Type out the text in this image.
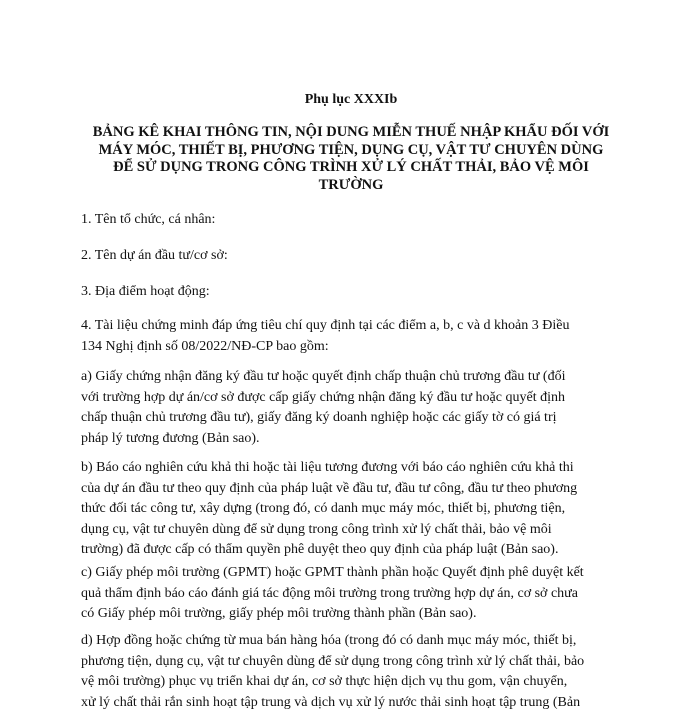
Phụ lục XXXIb
BẢNG KÊ KHAI THÔNG TIN, NỘI DUNG MIỄN THUẾ NHẬP KHẨU ĐỐI VỚI
MÁY MÓC, THIẾT BỊ, PHƯƠNG TIỆN, DỤNG CỤ, VẬT TƯ CHUYÊN DÙNG
ĐỂ SỬ DỤNG TRONG CÔNG TRÌNH XỬ LÝ CHẤT THẢI, BẢO VỆ MÔI
TRƯỜNG
1. Tên tổ chức, cá nhân:
2. Tên dự án đầu tư/cơ sở:
3. Địa điểm hoạt động:
4. Tài liệu chứng minh đáp ứng tiêu chí quy định tại các điểm a, b, c và d khoản 3 Điều
134 Nghị định số 08/2022/NĐ-CP bao gồm:
a) Giấy chứng nhận đăng ký đầu tư hoặc quyết định chấp thuận chủ trương đầu tư (đối
với trường hợp dự án/cơ sở được cấp giấy chứng nhận đăng ký đầu tư hoặc quyết định
chấp thuận chủ trương đầu tư), giấy đăng ký doanh nghiệp hoặc các giấy tờ có giá trị
pháp lý tương đương (Bản sao).
b) Báo cáo nghiên cứu khả thi hoặc tài liệu tương đương với báo cáo nghiên cứu khả thi
của dự án đầu tư theo quy định của pháp luật về đầu tư, đầu tư công, đầu tư theo phương
thức đối tác công tư, xây dựng (trong đó, có danh mục máy móc, thiết bị, phương tiện,
dụng cụ, vật tư chuyên dùng để sử dụng trong công trình xử lý chất thải, bảo vệ môi
trường) đã được cấp có thẩm quyền phê duyệt theo quy định của pháp luật (Bản sao).
c) Giấy phép môi trường (GPMT) hoặc GPMT thành phần hoặc Quyết định phê duyệt kết
quả thẩm định báo cáo đánh giá tác động môi trường trong trường hợp dự án, cơ sở chưa
có Giấy phép môi trường, giấy phép môi trường thành phần (Bản sao).
d) Hợp đồng hoặc chứng từ mua bán hàng hóa (trong đó có danh mục máy móc, thiết bị,
phương tiện, dụng cụ, vật tư chuyên dùng để sử dụng trong công trình xử lý chất thải, bảo
vệ môi trường) phục vụ triển khai dự án, cơ sở thực hiện dịch vụ thu gom, vận chuyển,
xử lý chất thải rắn sinh hoạt tập trung và dịch vụ xử lý nước thải sinh hoạt tập trung (Bản
